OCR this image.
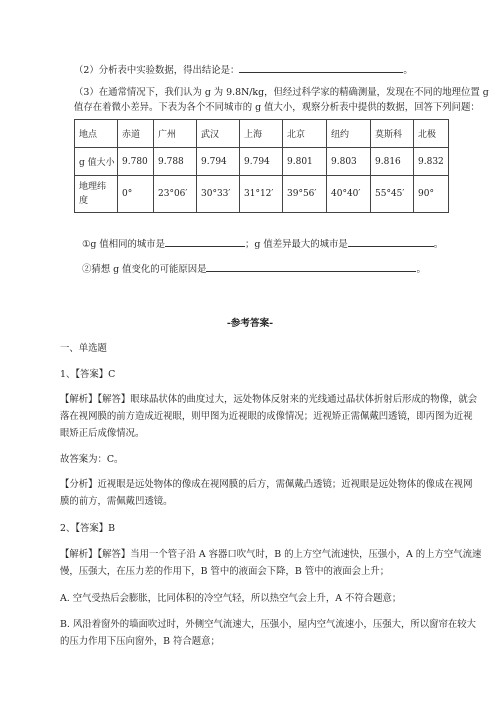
（2）分析表中实验数据，得出结论是：	。
（3）在通常情况下，我们认为 g 为 9.8N/kg，但经过科学家的精确测量，发现在不同的地理位置 g
值存在着微小差异。下表为各个不同城市的 g 值大小，观察分析表中提供的数据，回答下列问题：
地点	赤道	广州	武汉	上海	北京	纽约	莫斯科	北极
g 值大小	9.780	9.788	9.794	9.794	9.801	9.803	9.816	9.832
地理纬
度	0°	23°06′	30°33′	31°12′	39°56′	40°40′	55°45′	90°
①g 值相同的城市是	；g 值差异最大的城市是	。
②猜想 g 值变化的可能原因是	。
-参考答案-
一、单选题
1、【答案】C
【解析】【解答】眼球晶状体的曲度过大，远处物体反射来的光线通过晶状体折射后形成的物像，就会
落在视网膜的前方造成近视眼，则甲图为近视眼的成像情况；近视矫正需佩戴凹透镜，即丙图为近视
眼矫正后成像情况。
故答案为：C。
【分析】近视眼是远处物体的像成在视网膜的后方，需佩戴凸透镜；近视眼是远处物体的像成在视网
膜的前方，需佩戴凹透镜。
2、【答案】B
【解析】【解答】当用一个管子沿 A 容器口吹气时，B 的上方空气流速快，压强小，A 的上方空气流速
慢，压强大，在压力差的作用下，B 管中的液面会下降，B 管中的液面会上升；
A. 空气受热后会膨胀，比同体积的冷空气轻，所以热空气会上升，A 不符合题意；
B. 风沿着窗外的墙面吹过时，外侧空气流速大，压强小，屋内空气流速小，压强大，所以窗帘在较大
的压力作用下压向窗外，B 符合题意；
